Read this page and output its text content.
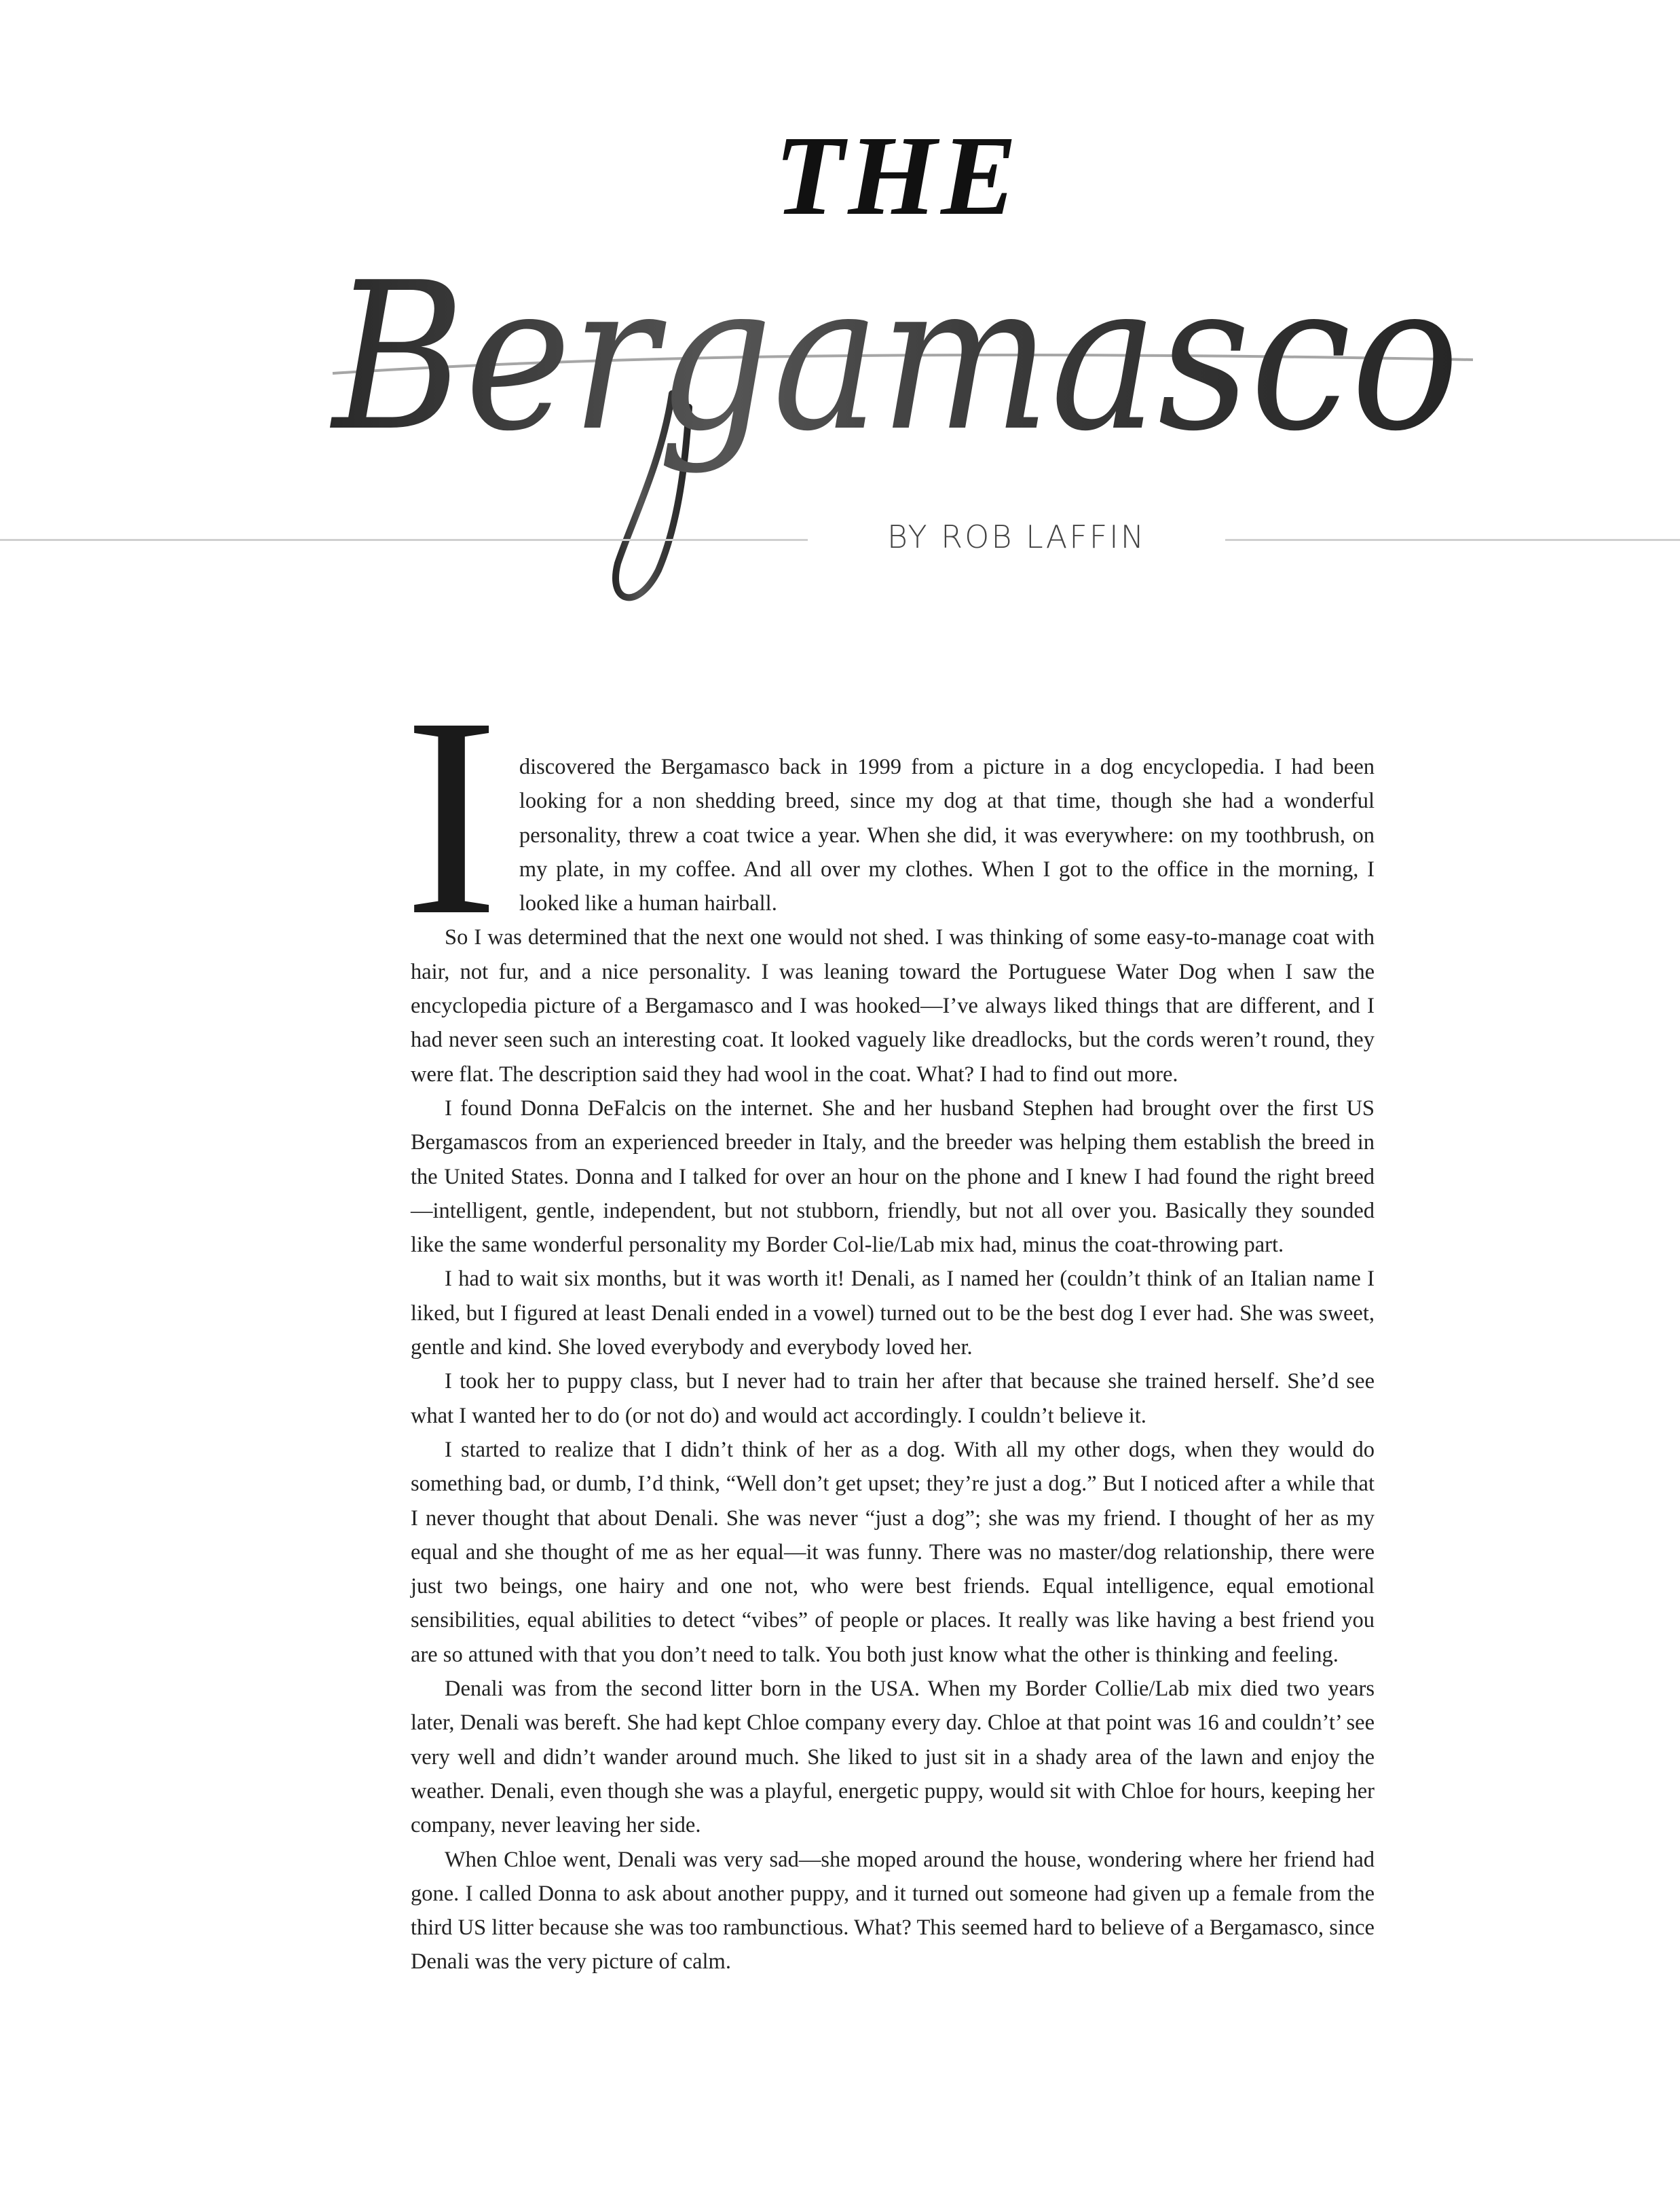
THE
Bergamasco
BY ROB LAFFIN

Idiscovered the Bergamasco back in 1999 from a picture in a dog encyclopedia. I had been looking for a non shedding breed, since my dog at that time, though she had a wonderful personality, threw a coat twice a year. When she did, it was everywhere: on my toothbrush, on my plate, in my coffee. And all over my clothes. When I got to the office in the morning, I looked like a human hairball.

So I was determined that the next one would not shed. I was thinking of some easy-to-manage coat with hair, not fur, and a nice personality. I was leaning toward the Portuguese Water Dog when I saw the encyclopedia picture of a Bergamasco and I was hooked—I’ve always liked things that are different, and I had never seen such an interesting coat. It looked vaguely like dreadlocks, but the cords weren’t round, they were flat. The description said they had wool in the coat. What? I had to find out more.

I found Donna DeFalcis on the internet. She and her husband Stephen had brought over the first US Bergamascos from an experienced breeder in Italy, and the breeder was helping them establish the breed in the United States. Donna and I talked for over an hour on the phone and I knew I had found the right breed—intelligent, gentle, independent, but not stubborn, friendly, but not all over you. Basically they sounded like the same wonderful personality my Border Col-lie/Lab mix had, minus the coat-throwing part.

I had to wait six months, but it was worth it! Denali, as I named her (couldn’t think of an Italian name I liked, but I figured at least Denali ended in a vowel) turned out to be the best dog I ever had. She was sweet, gentle and kind. She loved everybody and everybody loved her.

I took her to puppy class, but I never had to train her after that because she trained herself. She’d see what I wanted her to do (or not do) and would act accordingly. I couldn’t believe it.

I started to realize that I didn’t think of her as a dog. With all my other dogs, when they would do something bad, or dumb, I’d think, “Well don’t get upset; they’re just a dog.” But I noticed after a while that I never thought that about Denali. She was never “just a dog”; she was my friend. I thought of her as my equal and she thought of me as her equal—it was funny. There was no master/dog relationship, there were just two beings, one hairy and one not, who were best friends. Equal intelligence, equal emotional sensibilities, equal abilities to detect “vibes” of people or places. It really was like having a best friend you are so attuned with that you don’t need to talk. You both just know what the other is thinking and feeling.

Denali was from the second litter born in the USA. When my Border Collie/Lab mix died two years later, Denali was bereft. She had kept Chloe company every day. Chloe at that point was 16 and couldn’t’ see very well and didn’t wander around much. She liked to just sit in a shady area of the lawn and enjoy the weather. Denali, even though she was a playful, energetic puppy, would sit with Chloe for hours, keeping her company, never leaving her side.

When Chloe went, Denali was very sad—she moped around the house, wondering where her friend had gone. I called Donna to ask about another puppy, and it turned out someone had given up a female from the third US litter because she was too rambunctious. What? This seemed hard to believe of a Bergamasco, since Denali was the very picture of calm.
